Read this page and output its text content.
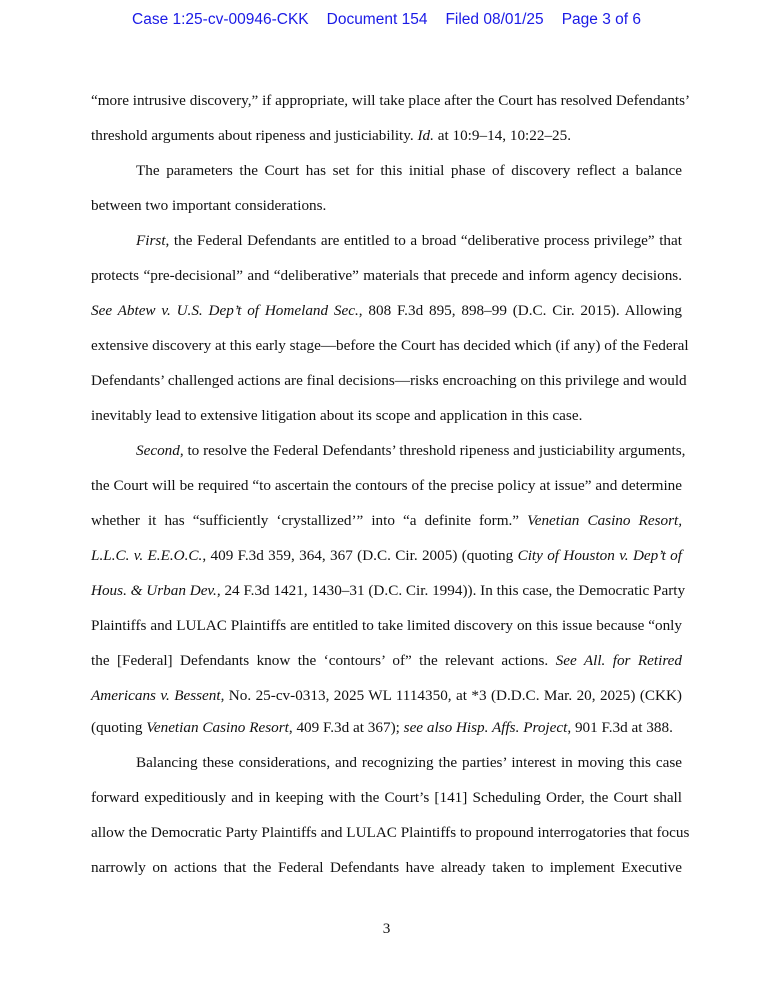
Case 1:25-cv-00946-CKK Document 154 Filed 08/01/25 Page 3 of 6
“more intrusive discovery,” if appropriate, will take place after the Court has resolved Defendants’
threshold arguments about ripeness and justiciability. Id. at 10:9–14, 10:22–25.
The parameters the Court has set for this initial phase of discovery reflect a balance
between two important considerations.
First, the Federal Defendants are entitled to a broad “deliberative process privilege” that
protects “pre-decisional” and “deliberative” materials that precede and inform agency decisions.
See Abtew v. U.S. Dep’t of Homeland Sec., 808 F.3d 895, 898–99 (D.C. Cir. 2015). Allowing
extensive discovery at this early stage—before the Court has decided which (if any) of the Federal
Defendants’ challenged actions are final decisions—risks encroaching on this privilege and would
inevitably lead to extensive litigation about its scope and application in this case.
Second, to resolve the Federal Defendants’ threshold ripeness and justiciability arguments,
the Court will be required “to ascertain the contours of the precise policy at issue” and determine
whether it has “sufficiently ‘crystallized’” into “a definite form.” Venetian Casino Resort,
L.L.C. v. E.E.O.C., 409 F.3d 359, 364, 367 (D.C. Cir. 2005) (quoting City of Houston v. Dep’t of
Hous. & Urban Dev., 24 F.3d 1421, 1430–31 (D.C. Cir. 1994)). In this case, the Democratic Party
Plaintiffs and LULAC Plaintiffs are entitled to take limited discovery on this issue because “only
the [Federal] Defendants know the ‘contours’ of” the relevant actions. See All. for Retired
Americans v. Bessent, No. 25-cv-0313, 2025 WL 1114350, at *3 (D.D.C. Mar. 20, 2025) (CKK)
(quoting Venetian Casino Resort, 409 F.3d at 367); see also Hisp. Affs. Project, 901 F.3d at 388.
Balancing these considerations, and recognizing the parties’ interest in moving this case
forward expeditiously and in keeping with the Court’s [141] Scheduling Order, the Court shall
allow the Democratic Party Plaintiffs and LULAC Plaintiffs to propound interrogatories that focus
narrowly on actions that the Federal Defendants have already taken to implement Executive
3
